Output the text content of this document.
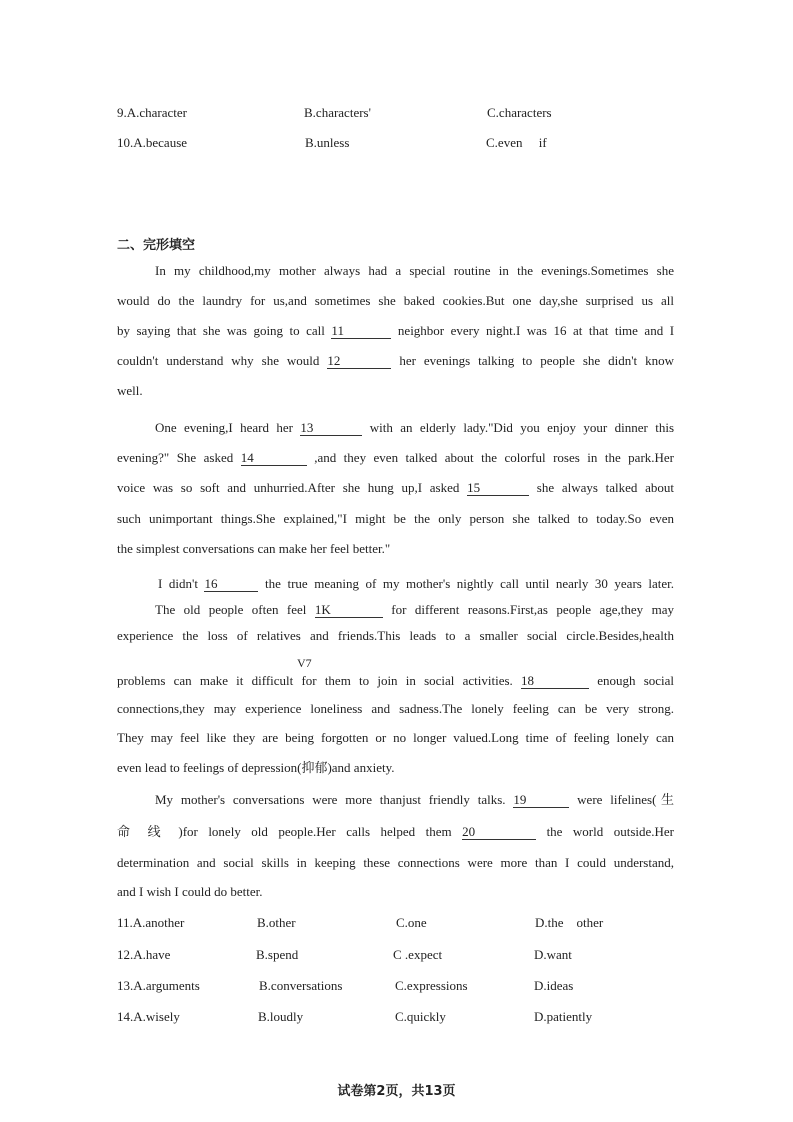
9.A.character	B.characters'	C.characters
10.A.because	B.unless	C.even　 if
二、完形填空
In my childhood,my mother always had a special routine in the evenings.Sometimes she
would do the laundry for us,and sometimes she baked cookies.But one day,she surprised us all
by saying that she was going to call 11	neighbor every night.I was 16 at that time and I
couldn't understand why she would 12	her evenings talking to people she didn't know
well.
One evening,I heard her 13	with an elderly lady."Did you enjoy your dinner this
evening?" She asked 14	,and they even talked about the colorful roses in the park.Her
voice was so soft and unhurried.After she hung up,I asked 15	she always talked about
such unimportant things.She explained,"I might be the only person she talked to today.So even
the simplest conversations can make her feel better."
I didn't 16	the true meaning of my mother's nightly call until nearly 30 years later.
The old people often feel 1K	for different reasons.First,as people age,they may
experience the loss of relatives and friends.This leads to a smaller social circle.Besides,health
V7
problems can make it difficult for them to join in social activities. 18	enough social
connections,they may experience loneliness and sadness.The lonely feeling can be very strong.
They may feel like they are being forgotten or no longer valued.Long time of feeling lonely can
even lead to feelings of depression(抑郁)and anxiety.
My mother's conversations were more thanjust friendly talks. 19	were lifelines(生
命 线 )for lonely old people.Her calls helped them 20	the world outside.Her
determination and social skills in keeping these connections were more than I could understand,
and I wish I could do better.
11.A.another	B.other	C.one	D.the　other
12.A.have	B.spend	C .expect	D.want
13.A.arguments	B.conversations	C.expressions	D.ideas
14.A.wisely	B.loudly	C.quickly	D.patiently
试卷第2页，共13页
